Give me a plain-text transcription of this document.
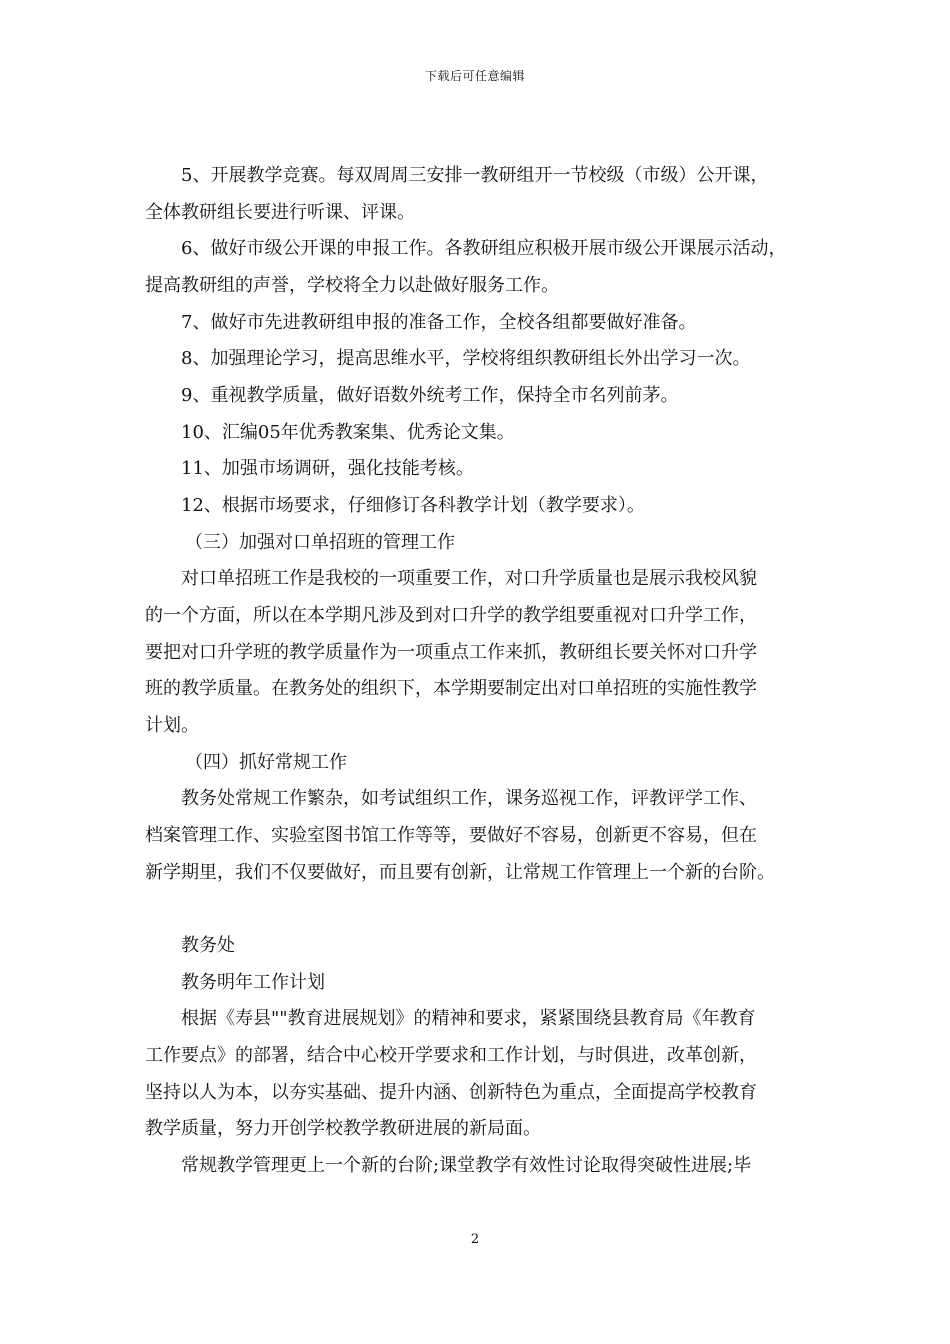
下载后可任意编辑
5、开展教学竞赛。每双周周三安排一教研组开一节校级（市级）公开课，
全体教研组长要进行听课、评课。
6、做好市级公开课的申报工作。各教研组应积极开展市级公开课展示活动，
提高教研组的声誉，学校将全力以赴做好服务工作。
7、做好市先进教研组申报的准备工作，全校各组都要做好准备。
8、加强理论学习，提高思维水平，学校将组织教研组长外出学习一次。
9、重视教学质量，做好语数外统考工作，保持全市名列前茅。
10、汇编05年优秀教案集、优秀论文集。
11、加强市场调研，强化技能考核。
12、根据市场要求，仔细修订各科教学计划（教学要求）。
（三）加强对口单招班的管理工作
对口单招班工作是我校的一项重要工作，对口升学质量也是展示我校风貌
的一个方面，所以在本学期凡涉及到对口升学的教学组要重视对口升学工作，
要把对口升学班的教学质量作为一项重点工作来抓，教研组长要关怀对口升学
班的教学质量。在教务处的组织下，本学期要制定出对口单招班的实施性教学
计划。
（四）抓好常规工作
教务处常规工作繁杂，如考试组织工作，课务巡视工作，评教评学工作、
档案管理工作、实验室图书馆工作等等，要做好不容易，创新更不容易，但在
新学期里，我们不仅要做好，而且要有创新，让常规工作管理上一个新的台阶。
教务处
教务明年工作计划
根据《寿县""教育进展规划》的精神和要求，紧紧围绕县教育局《年教育
工作要点》的部署，结合中心校开学要求和工作计划，与时俱进，改革创新，
坚持以人为本，以夯实基础、提升内涵、创新特色为重点，全面提高学校教育
教学质量，努力开创学校教学教研进展的新局面。
常规教学管理更上一个新的台阶;课堂教学有效性讨论取得突破性进展;毕
2
